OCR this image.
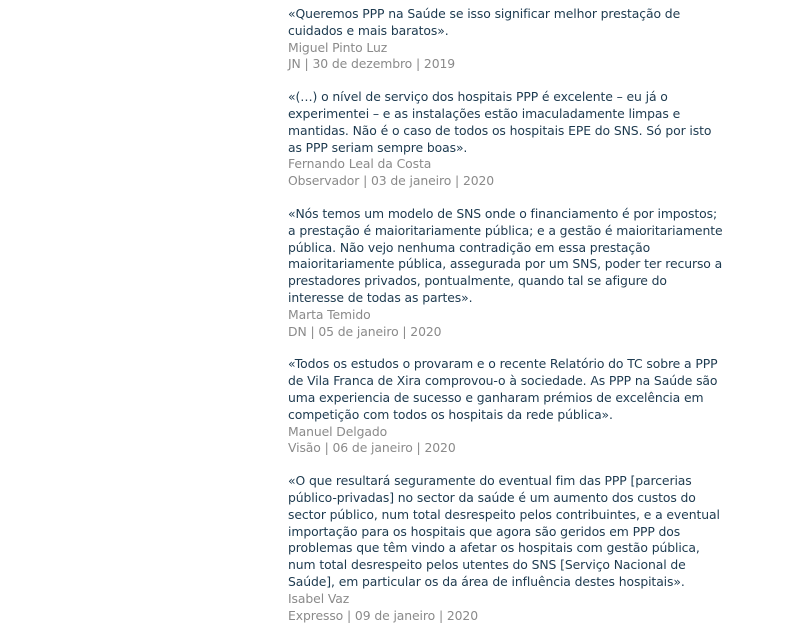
«Queremos PPP na Saúde se isso significar melhor prestação de cuidados e mais baratos».
Miguel Pinto Luz
JN | 30 de dezembro | 2019
«(…) o nível de serviço dos hospitais PPP é excelente – eu já o experimentei – e as instalações estão imaculadamente limpas e mantidas. Não é o caso de todos os hospitais EPE do SNS. Só por isto as PPP seriam sempre boas».
Fernando Leal da Costa
Observador | 03 de janeiro | 2020
«Nós temos um modelo de SNS onde o financiamento é por impostos; a prestação é maioritariamente pública; e a gestão é maioritariamente pública. Não vejo nenhuma contradição em essa prestação maioritariamente pública, assegurada por um SNS, poder ter recurso a prestadores privados, pontualmente, quando tal se afigure do interesse de todas as partes».
Marta Temido
DN | 05 de janeiro | 2020
«Todos os estudos o provaram e o recente Relatório do TC sobre a PPP de Vila Franca de Xira comprovou-o à sociedade. As PPP na Saúde são uma experiencia de sucesso e ganharam prémios de excelência em competição com todos os hospitais da rede pública».
Manuel Delgado
Visão | 06 de janeiro | 2020
«O que resultará seguramente do eventual fim das PPP [parcerias público-privadas] no sector da saúde é um aumento dos custos do sector público, num total desrespeito pelos contribuintes, e a eventual importação para os hospitais que agora são geridos em PPP dos problemas que têm vindo a afetar os hospitais com gestão pública, num total desrespeito pelos utentes do SNS [Serviço Nacional de Saúde], em particular os da área de influência destes hospitais».
Isabel Vaz
Expresso | 09 de janeiro | 2020
